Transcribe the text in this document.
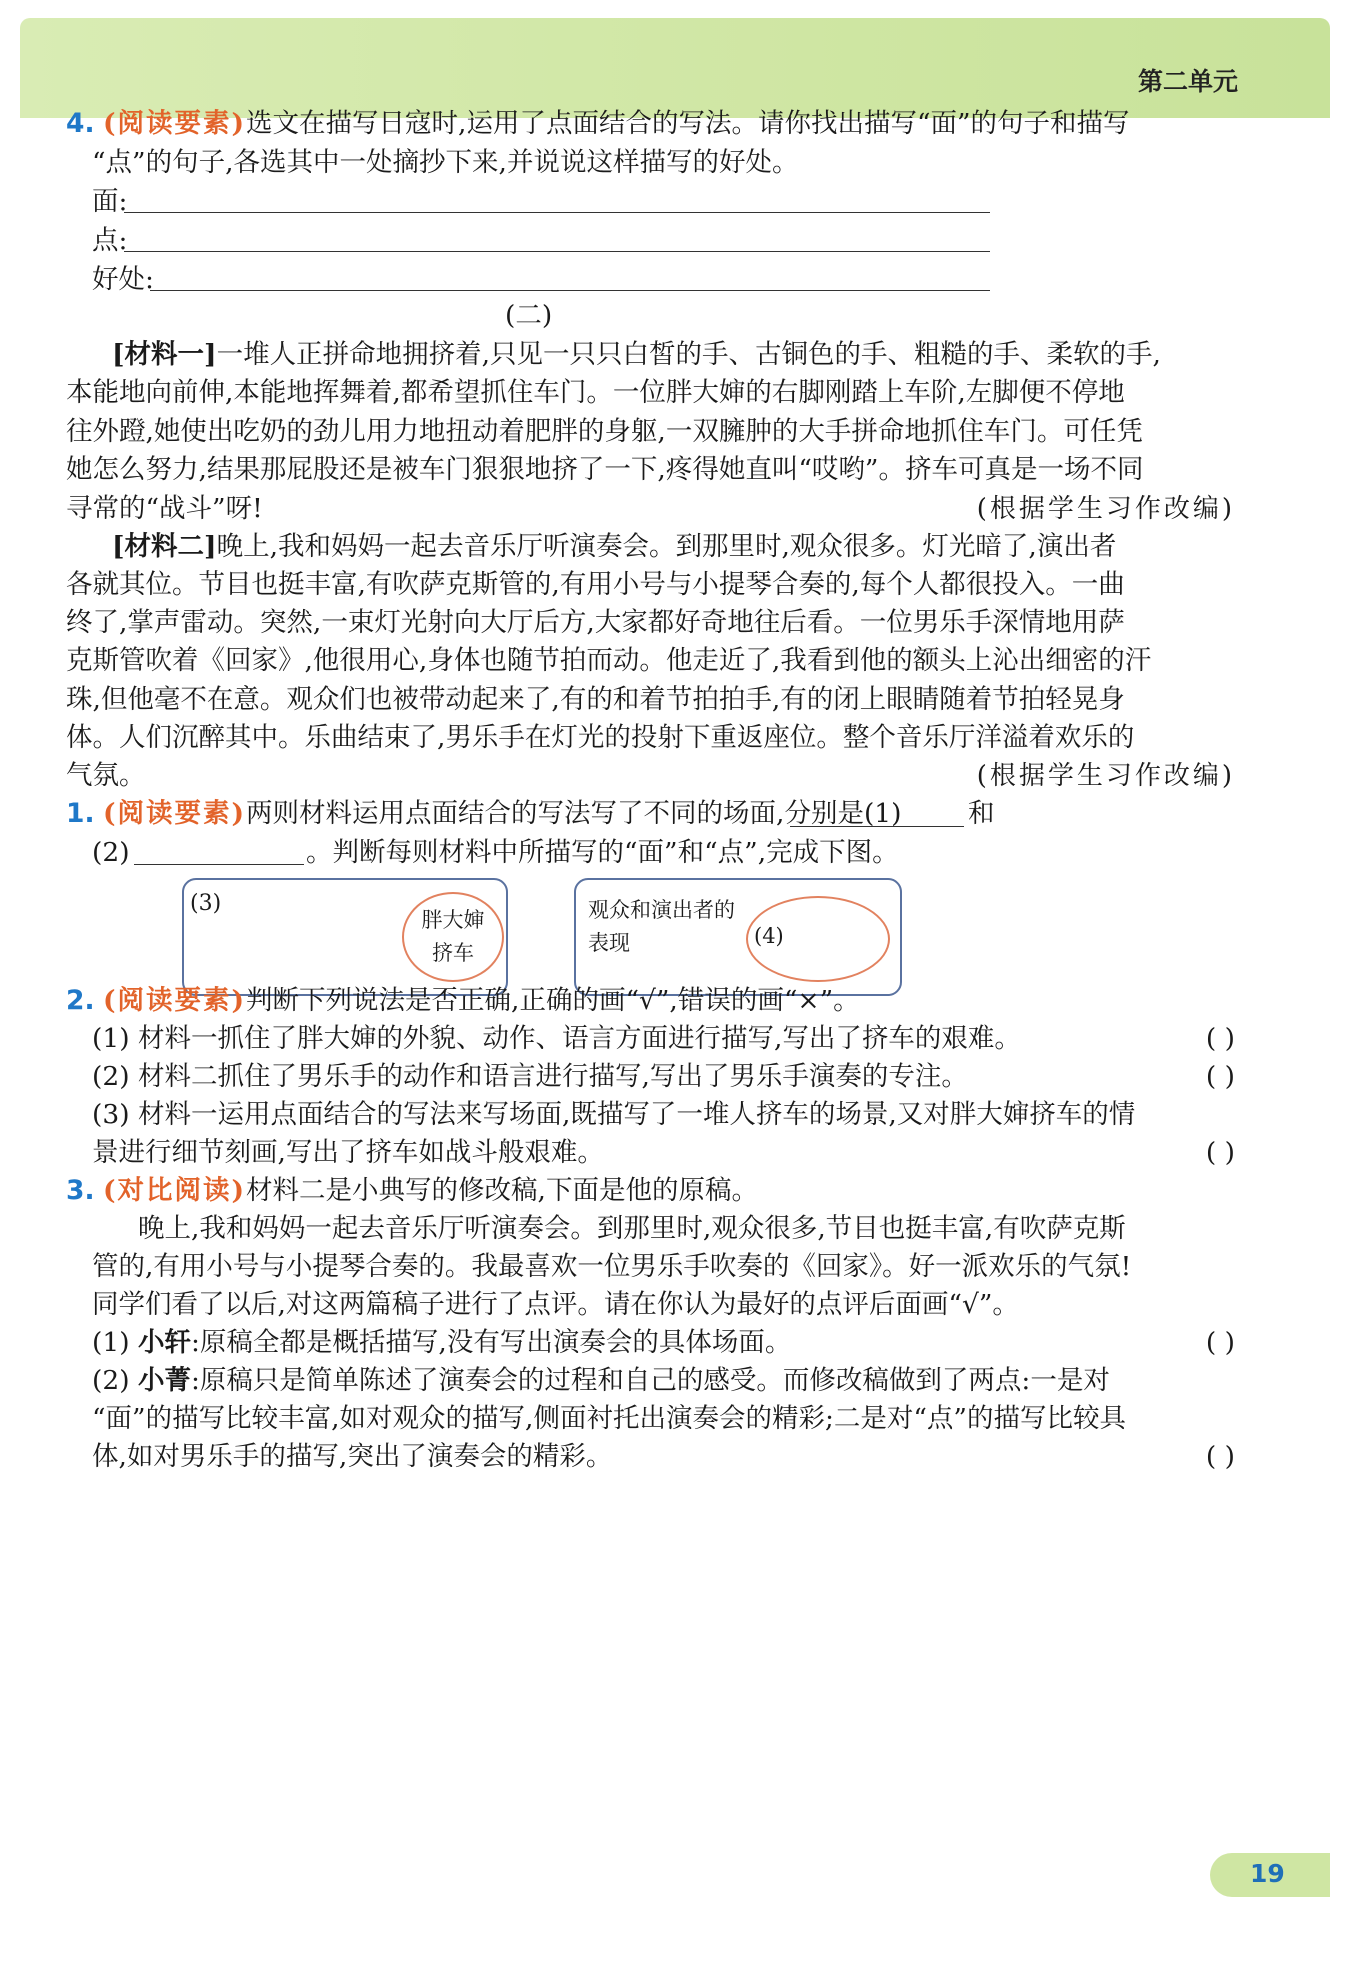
第二单元
4. (阅读要素)选文在描写日寇时,运用了点面结合的写法。请你找出描写“面”的句子和描写
“点”的句子,各选其中一处摘抄下来,并说说这样描写的好处。
面:
点:
好处:
(二)
[材料一]一堆人正拼命地拥挤着,只见一只只白皙的手、古铜色的手、粗糙的手、柔软的手,
本能地向前伸,本能地挥舞着,都希望抓住车门。一位胖大婶的右脚刚踏上车阶,左脚便不停地
往外蹬,她使出吃奶的劲儿用力地扭动着肥胖的身躯,一双臃肿的大手拼命地抓住车门。可任凭
她怎么努力,结果那屁股还是被车门狠狠地挤了一下,疼得她直叫“哎哟”。挤车可真是一场不同
寻常的“战斗”呀!	(根据学生习作改编)
[材料二]晚上,我和妈妈一起去音乐厅听演奏会。到那里时,观众很多。灯光暗了,演出者
各就其位。节目也挺丰富,有吹萨克斯管的,有用小号与小提琴合奏的,每个人都很投入。一曲
终了,掌声雷动。突然,一束灯光射向大厅后方,大家都好奇地往后看。一位男乐手深情地用萨
克斯管吹着《回家》,他很用心,身体也随节拍而动。他走近了,我看到他的额头上沁出细密的汗
珠,但他毫不在意。观众们也被带动起来了,有的和着节拍拍手,有的闭上眼睛随着节拍轻晃身
体。人们沉醉其中。乐曲结束了,男乐手在灯光的投射下重返座位。整个音乐厅洋溢着欢乐的
气氛。	(根据学生习作改编)
1. (阅读要素)两则材料运用点面结合的写法写了不同的场面,分别是(1)	和
(2)	。判断每则材料中所描写的“面”和“点”,完成下图。
(3)
胖大婶
挤车
观众和演出者的
表现	(4)
2. (阅读要素)判断下列说法是否正确,正确的画“√”,错误的画“×”。
(1) 材料一抓住了胖大婶的外貌、动作、语言方面进行描写,写出了挤车的艰难。	( )
(2) 材料二抓住了男乐手的动作和语言进行描写,写出了男乐手演奏的专注。	( )
(3) 材料一运用点面结合的写法来写场面,既描写了一堆人挤车的场景,又对胖大婶挤车的情
景进行细节刻画,写出了挤车如战斗般艰难。	( )
3. (对比阅读)材料二是小典写的修改稿,下面是他的原稿。
晚上,我和妈妈一起去音乐厅听演奏会。到那里时,观众很多,节目也挺丰富,有吹萨克斯
管的,有用小号与小提琴合奏的。我最喜欢一位男乐手吹奏的《回家》。好一派欢乐的气氛!
同学们看了以后,对这两篇稿子进行了点评。请在你认为最好的点评后面画“√”。
(1) 小轩:原稿全都是概括描写,没有写出演奏会的具体场面。	( )
(2) 小菁:原稿只是简单陈述了演奏会的过程和自己的感受。而修改稿做到了两点:一是对
“面”的描写比较丰富,如对观众的描写,侧面衬托出演奏会的精彩;二是对“点”的描写比较具
体,如对男乐手的描写,突出了演奏会的精彩。	( )
19
